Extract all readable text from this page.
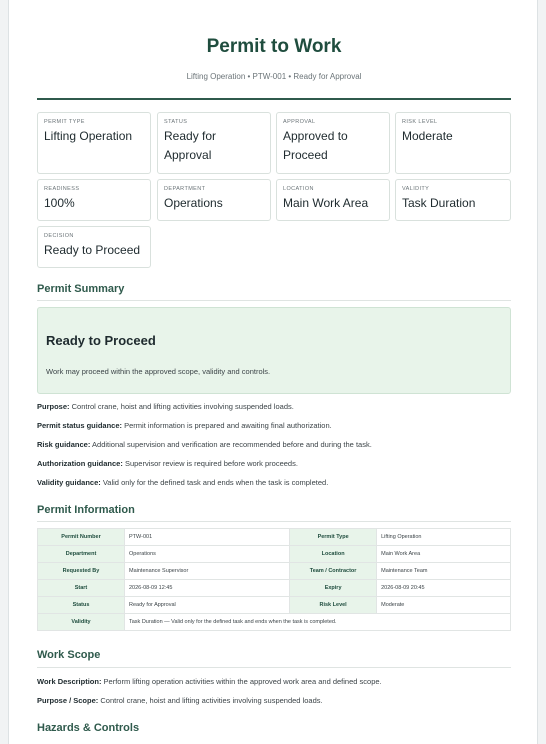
Permit to Work
Lifting Operation • PTW-001 • Ready for Approval
PERMIT TYPE
Lifting Operation
STATUS
Ready for Approval
APPROVAL
Approved to Proceed
RISK LEVEL
Moderate
READINESS
100%
DEPARTMENT
Operations
LOCATION
Main Work Area
VALIDITY
Task Duration
DECISION
Ready to Proceed
Permit Summary
Ready to Proceed
Work may proceed within the approved scope, validity and controls.
Purpose: Control crane, hoist and lifting activities involving suspended loads.
Permit status guidance: Permit information is prepared and awaiting final authorization.
Risk guidance: Additional supervision and verification are recommended before and during the task.
Authorization guidance: Supervisor review is required before work proceeds.
Validity guidance: Valid only for the defined task and ends when the task is completed.
Permit Information
Permit Number	PTW-001	Permit Type	Lifting Operation
Department	Operations	Location	Main Work Area
Requested By	Maintenance Supervisor	Team / Contractor	Maintenance Team
Start	2026-08-09 12:45	Expiry	2026-08-09 20:45
Status	Ready for Approval	Risk Level	Moderate
Validity	Task Duration — Valid only for the defined task and ends when the task is completed.		
Work Scope
Work Description: Perform lifting operation activities within the approved work area and defined scope.
Purpose / Scope: Control crane, hoist and lifting activities involving suspended loads.
Hazards & Controls
